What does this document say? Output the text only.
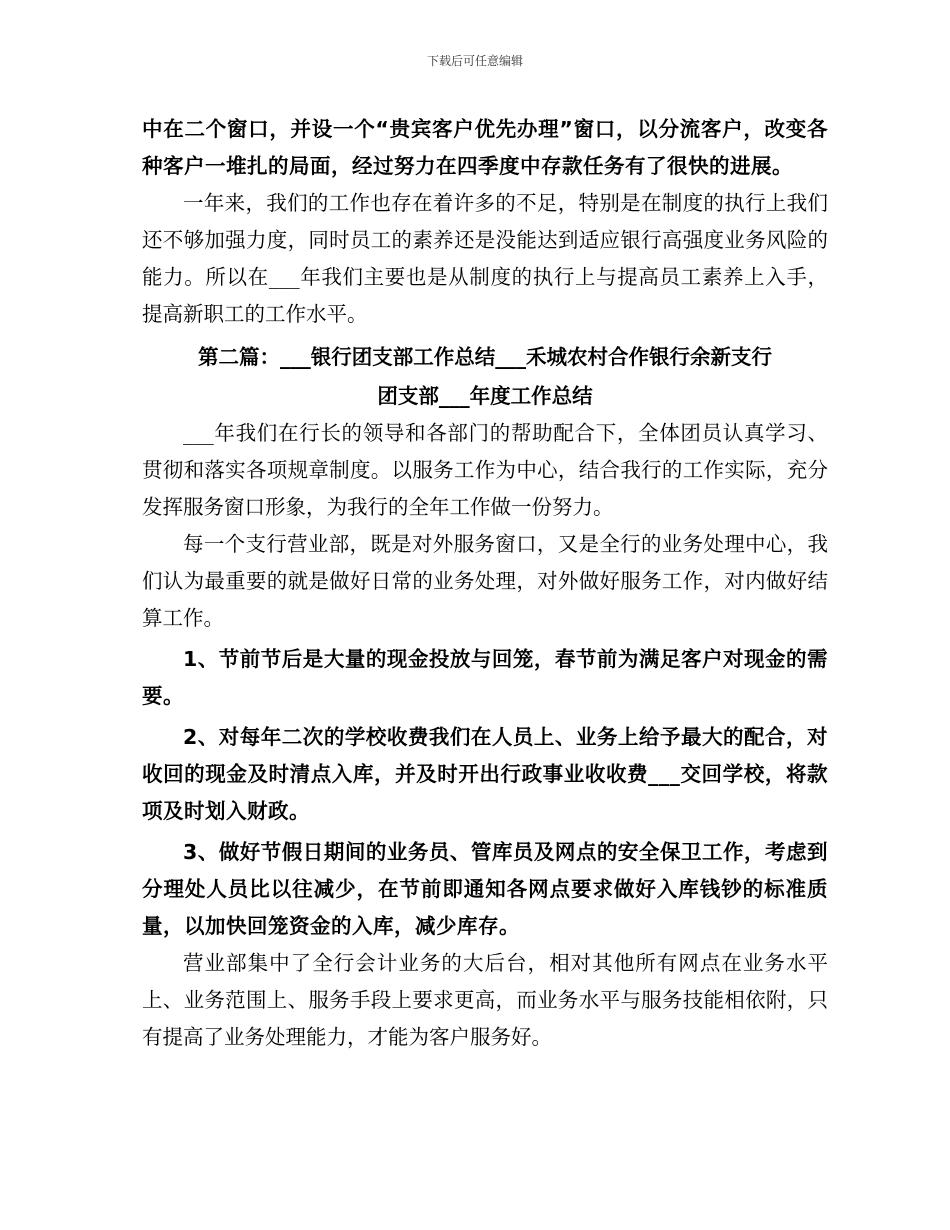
下载后可任意编辑

中在二个窗口，并设一个“贵宾客户优先办理”窗口，以分流客户，改变各种客户一堆扎的局面，经过努力在四季度中存款任务有了很快的进展。

一年来，我们的工作也存在着许多的不足，特别是在制度的执行上我们还不够加强力度，同时员工的素养还是没能达到适应银行高强度业务风险的能力。所以在___年我们主要也是从制度的执行上与提高员工素养上入手，提高新职工的工作水平。

第二篇：___银行团支部工作总结___禾城农村合作银行余新支行

团支部___年度工作总结

___年我们在行长的领导和各部门的帮助配合下，全体团员认真学习、贯彻和落实各项规章制度。以服务工作为中心，结合我行的工作实际，充分发挥服务窗口形象，为我行的全年工作做一份努力。

每一个支行营业部，既是对外服务窗口，又是全行的业务处理中心，我们认为最重要的就是做好日常的业务处理，对外做好服务工作，对内做好结算工作。

1、节前节后是大量的现金投放与回笼，春节前为满足客户对现金的需要。

2、对每年二次的学校收费我们在人员上、业务上给予最大的配合，对收回的现金及时清点入库，并及时开出行政事业收收费___交回学校，将款项及时划入财政。

3、做好节假日期间的业务员、管库员及网点的安全保卫工作，考虑到分理处人员比以往减少，在节前即通知各网点要求做好入库钱钞的标准质量，以加快回笼资金的入库，减少库存。

营业部集中了全行会计业务的大后台，相对其他所有网点在业务水平上、业务范围上、服务手段上要求更高，而业务水平与服务技能相依附，只有提高了业务处理能力，才能为客户服务好。
